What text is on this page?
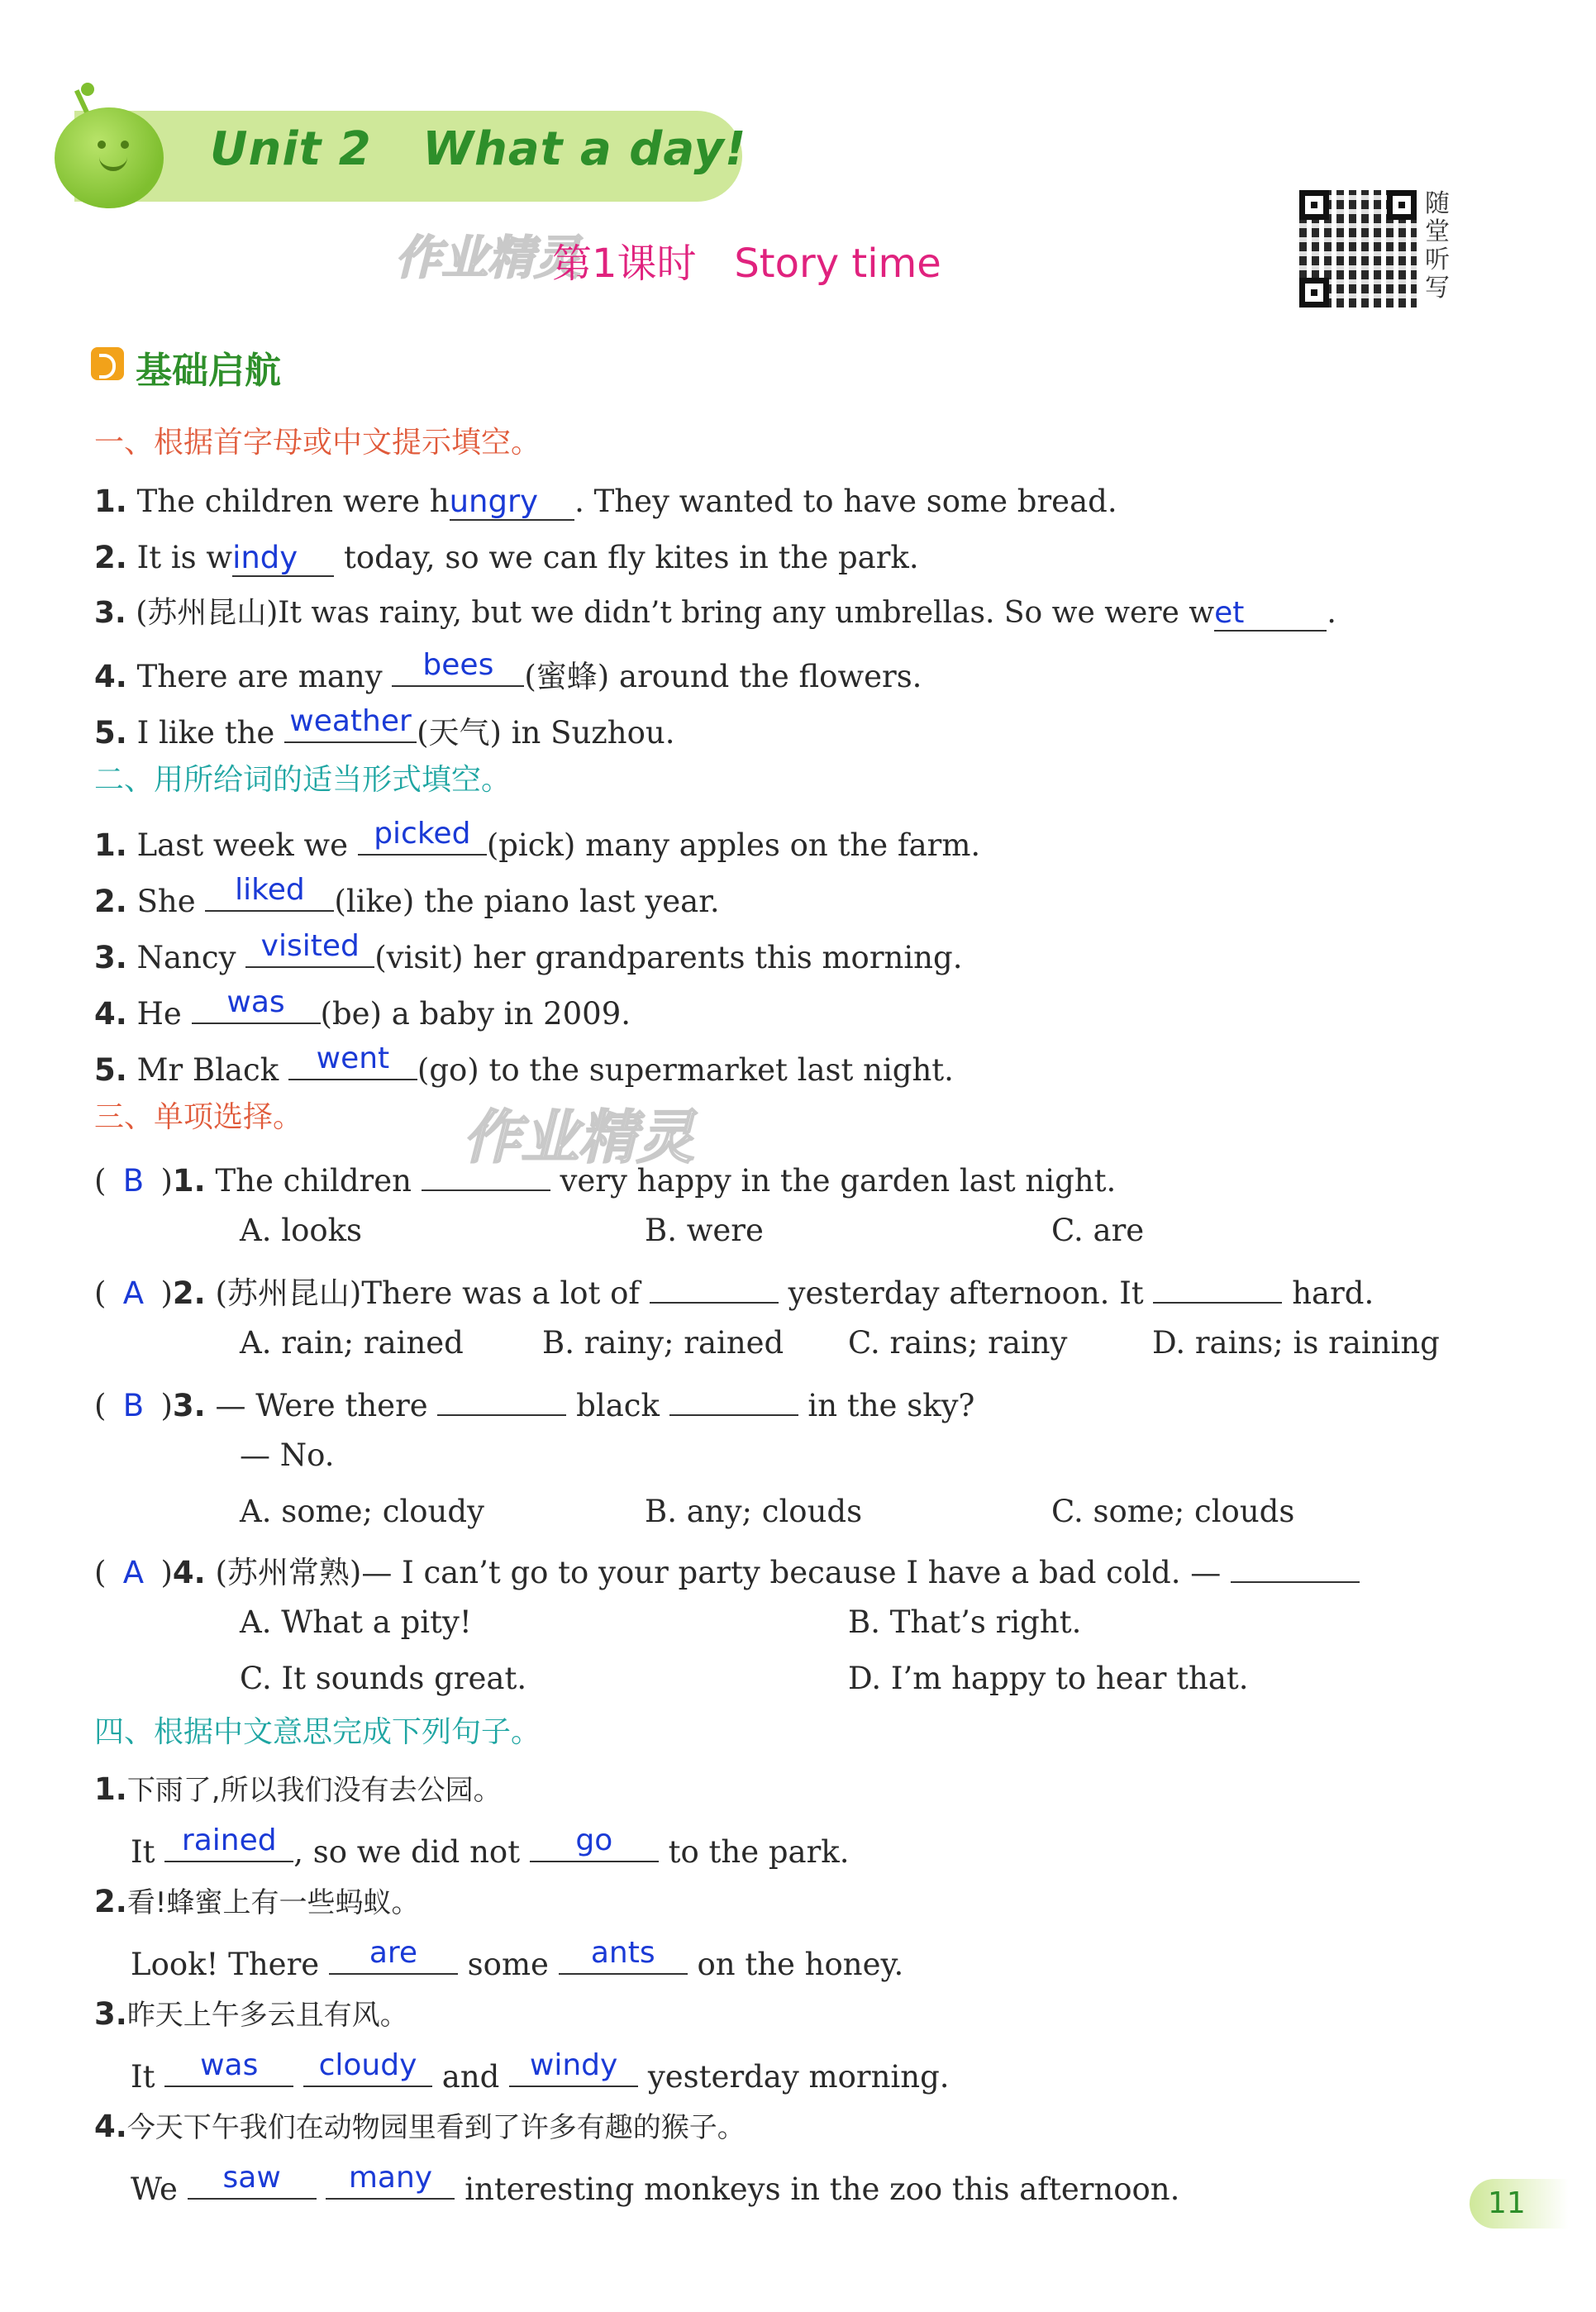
Unit 2   What a day!
作业精灵
第1课时   Story time
随
堂
听
写
基础启航
一、根据首字母或中文提示填空。
1. The children were hungry . They wanted to have some bread.
2. It is windy today, so we can fly kites in the park.
3. (苏州昆山)It was rainy, but we didn’t bring any umbrellas. So we were wet	.
4. There are many	bees	(蜜蜂) around the flowers.
5. I like the weather (天气) in Suzhou.
二、用所给词的适当形式填空。
1. Last week we picked (pick) many apples on the farm.
2. She liked (like) the piano last year.
3. Nancy visited (visit) her grandparents this morning.
4. He	was	(be) a baby in 2009.
5. Mr Black went (go) to the supermarket last night.
三、单项选择。	作业精灵
( B )1. The children	very happy in the garden last night.
A. looks	B. were	C. are
( A )2. (苏州昆山)There was a lot of	yesterday afternoon. It	hard.
A. rain; rained	B. rainy; rained C. rains; rainy	D. rains; is raining
( B )3. — Were there	black	in the sky?
— No.
A. some; cloudy	B. any; clouds	C. some; clouds
( A )4. (苏州常熟)— I can’t go to your party because I have a bad cold. —
A. What a pity!	B. That’s right.
C. It sounds great.	D. I’m happy to hear that.
四、根据中文意思完成下列句子。
1.下雨了,所以我们没有去公园。
It rained , so we did not	go	to the park.
2.看!蜂蜜上有一些蚂蚁。
Look! There	are	some	ants	on the honey.
3.昨天上午多云且有风。
It	was
	cloudy and windy yesterday morning.
4.今天下午我们在动物园里看到了许多有趣的猴子。
We	saw
	many interesting monkeys in the zoo this afternoon.	11
